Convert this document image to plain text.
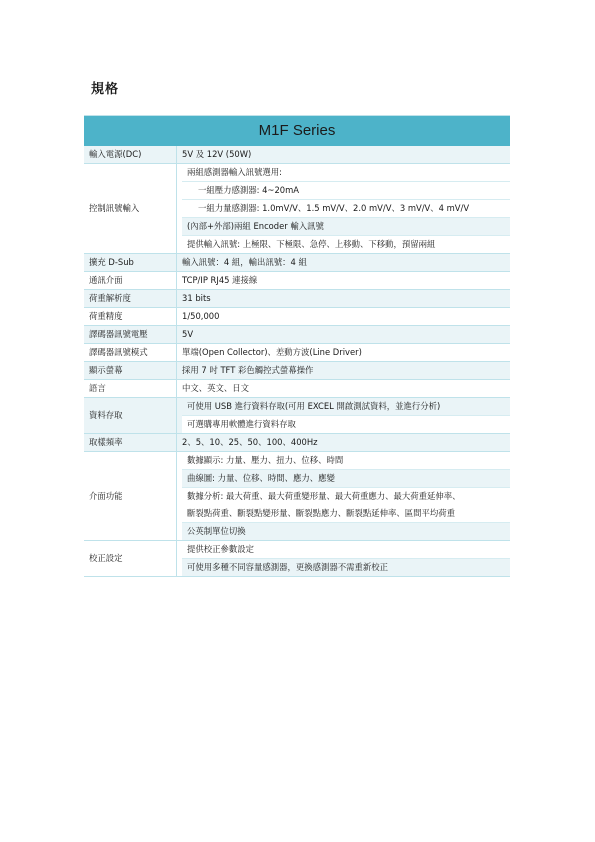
規格
M1F Series	
輸入電源(DC)	5V 及 12V (50W)
控制訊號輸入	兩組感測器輸入訊號選用:
一組壓力感測器: 4~20mA
一組力量感測器: 1.0mV/V、1.5 mV/V、2.0 mV/V、3 mV/V、4 mV/V
(內部+外部)兩組 Encoder 輸入訊號
提供輸入訊號: 上極限、下極限、急停、上移動、下移動，預留兩組

擴充 D-Sub	輸入訊號：4 組，輸出訊號：4 組
通訊介面	TCP/IP RJ45 連接線
荷重解析度	31 bits
荷重精度	1/50,000
譯碼器訊號電壓	5V
譯碼器訊號模式	單端(Open Collector)、差動方波(Line Driver)
顯示螢幕	採用 7 吋 TFT 彩色觸控式螢幕操作
語言	中文、英文、日文
資料存取	可使用 USB 進行資料存取(可用 EXCEL 開啟測試資料，並進行分析)
可選購專用軟體進行資料存取

取樣頻率	2、5、10、25、50、100、400Hz
介面功能	數據顯示: 力量、壓力、扭力、位移、時間
曲線圖: 力量、位移、時間、應力、應變
數據分析: 最大荷重、最大荷重變形量、最大荷重應力、最大荷重延伸率、
斷裂點荷重、斷裂點變形量、斷裂點應力、斷裂點延伸率、區間平均荷重
公英制單位切換

校正設定	提供校正參數設定
可使用多種不同容量感測器，更換感測器不需重新校正
